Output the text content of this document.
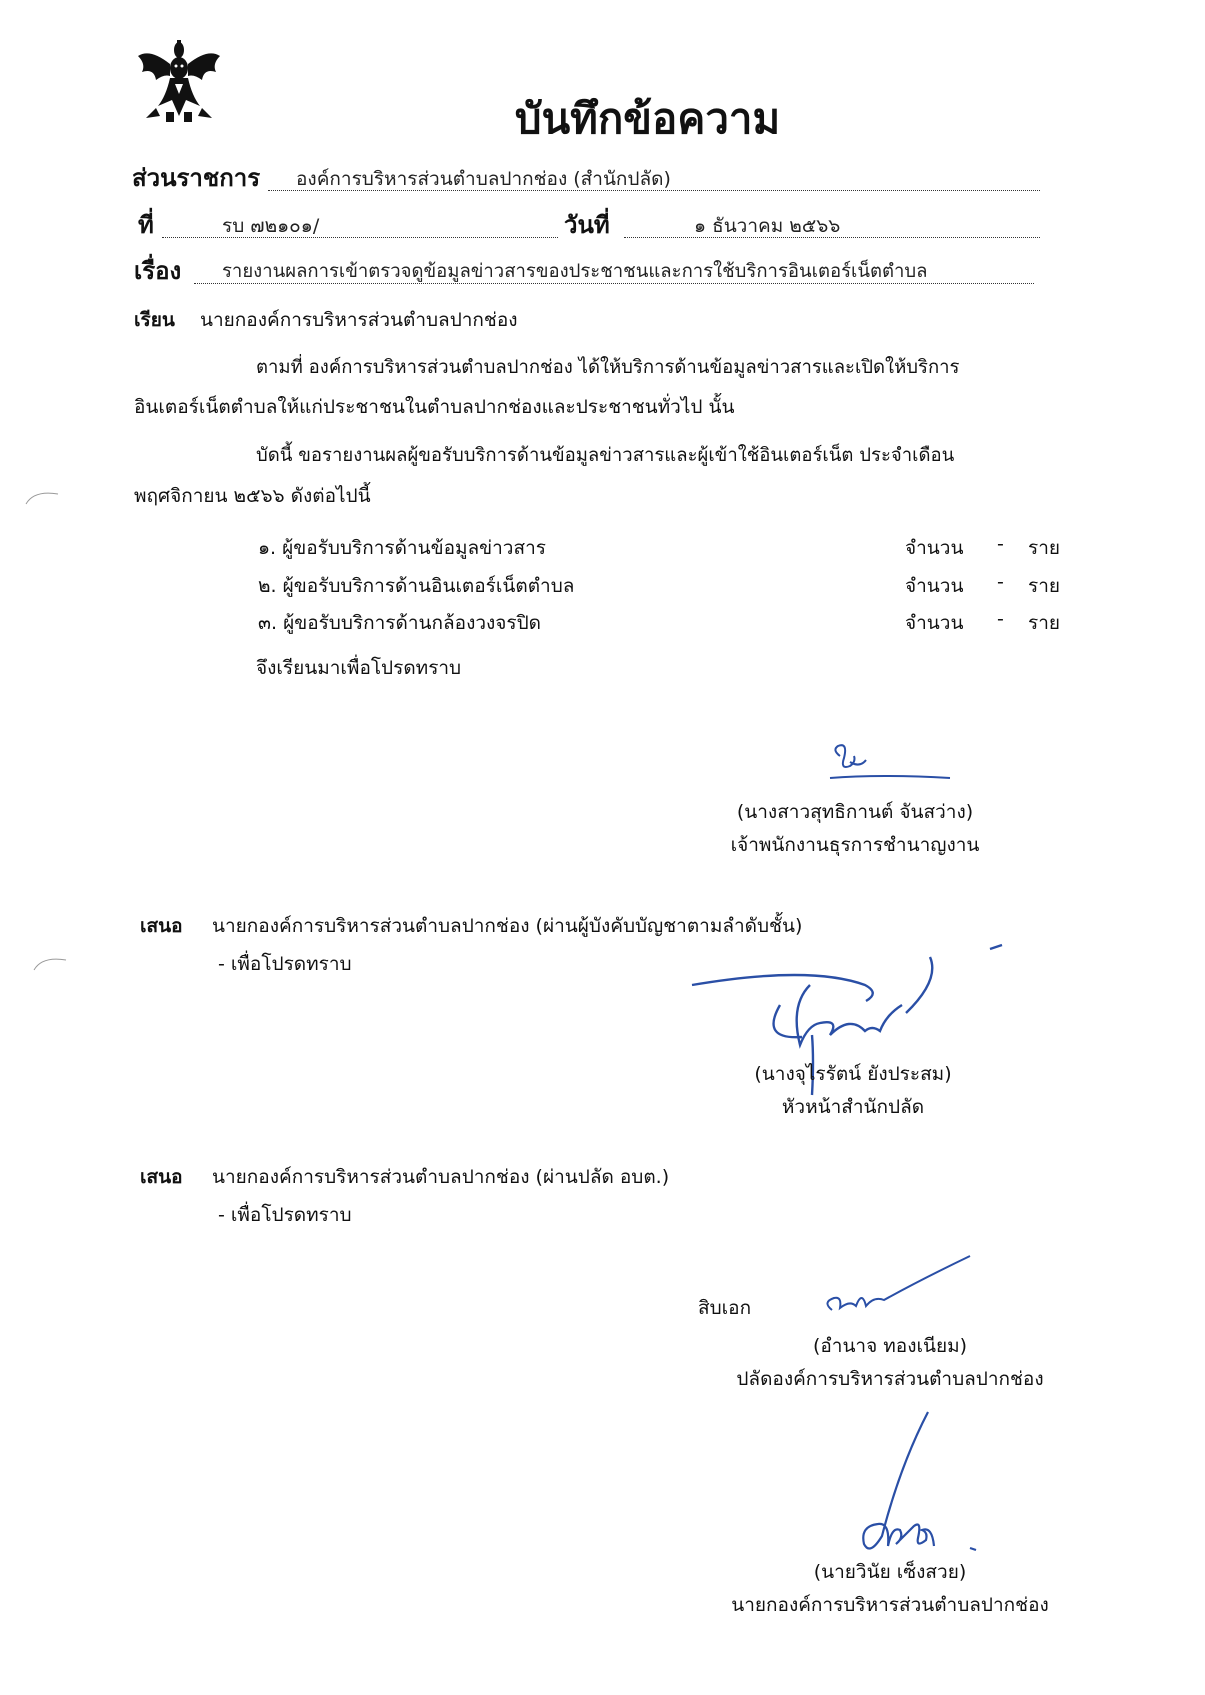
บันทึกข้อความ
ส่วนราชการ องค์การบริหารส่วนตำบลปากช่อง (สำนักปลัด)
ที่	รบ ๗๒๑๐๑/	วันที่	๑ ธันวาคม ๒๕๖๖
เรื่อง รายงานผลการเข้าตรวจดูข้อมูลข่าวสารของประชาชนและการใช้บริการอินเตอร์เน็ตตำบล
เรียน นายกองค์การบริหารส่วนตำบลปากช่อง
ตามที่ องค์การบริหารส่วนตำบลปากช่อง ได้ให้บริการด้านข้อมูลข่าวสารและเปิดให้บริการ
อินเตอร์เน็ตตำบลให้แก่ประชาชนในตำบลปากช่องและประชาชนทั่วไป นั้น
บัดนี้ ขอรายงานผลผู้ขอรับบริการด้านข้อมูลข่าวสารและผู้เข้าใช้อินเตอร์เน็ต ประจำเดือน
พฤศจิกายน ๒๕๖๖ ดังต่อไปนี้
๑. ผู้ขอรับบริการด้านข้อมูลข่าวสาร	จำนวน - ราย
๒. ผู้ขอรับบริการด้านอินเตอร์เน็ตตำบล	จำนวน - ราย
๓. ผู้ขอรับบริการด้านกล้องวงจรปิด	จำนวน - ราย
จึงเรียนมาเพื่อโปรดทราบ
(นางสาวสุทธิกานต์ จันสว่าง)
เจ้าพนักงานธุรการชำนาญงาน
เสนอ นายกองค์การบริหารส่วนตำบลปากช่อง (ผ่านผู้บังคับบัญชาตามลำดับชั้น)
- เพื่อโปรดทราบ
(นางจุไรรัตน์ ยังประสม)
หัวหน้าสำนักปลัด
เสนอ นายกองค์การบริหารส่วนตำบลปากช่อง (ผ่านปลัด อบต.)
- เพื่อโปรดทราบ
สิบเอก
(อำนาจ ทองเนียม)
ปลัดองค์การบริหารส่วนตำบลปากช่อง
(นายวินัย เซ็งสวย)
นายกองค์การบริหารส่วนตำบลปากช่อง
